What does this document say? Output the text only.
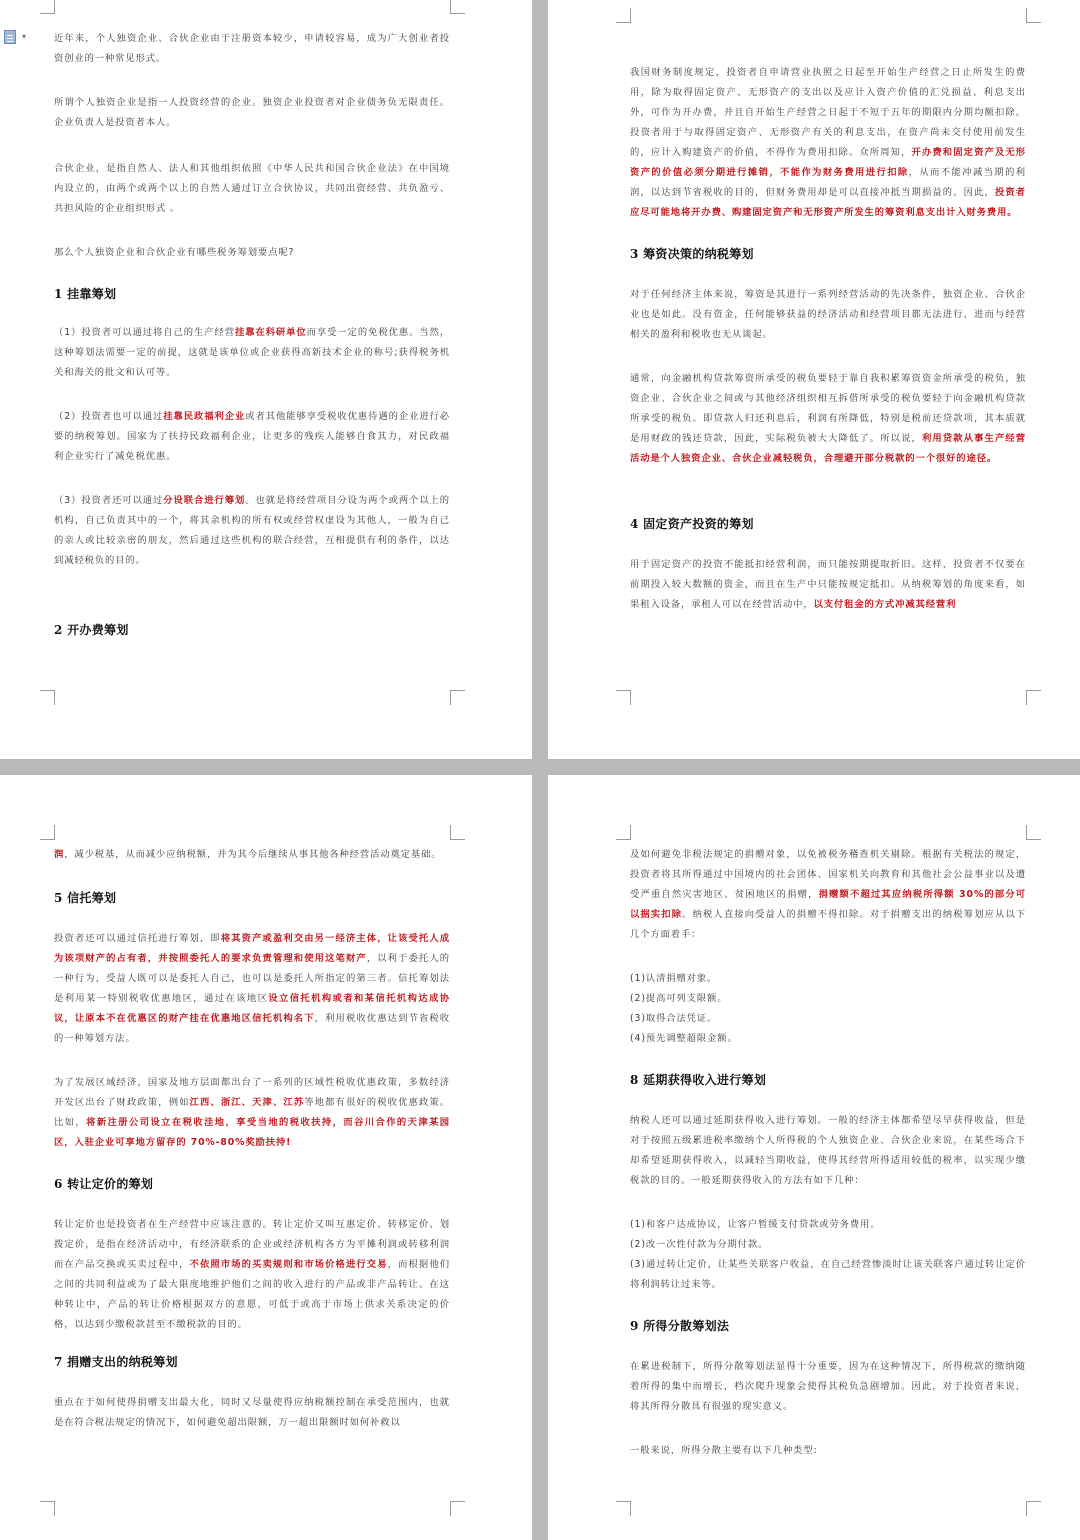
▾	近年来，个人独资企业、合伙企业由于注册资本较少，申请较容易，成为广大创业者投资创业的一种常见形式。

所谓个人独资企业是指一人投资经营的企业。独资企业投资者对企业债务负无限责任。企业负责人是投资者本人。

合伙企业，是指自然人、法人和其他组织依照《中华人民共和国合伙企业法》在中国境内设立的，由两个或两个以上的自然人通过订立合伙协议，共同出资经营、共负盈亏、共担风险的企业组织形式 。

那么个人独资企业和合伙企业有哪些税务筹划要点呢?

1 挂靠筹划

（1）投资者可以通过将自己的生产经营挂靠在科研单位而享受一定的免税优惠。当然，这种筹划法需要一定的前提，这就是该单位或企业获得高新技术企业的称号;获得税务机关和海关的批文和认可等。

（2）投资者也可以通过挂靠民政福利企业或者其他能够享受税收优惠待遇的企业进行必要的纳税筹划。国家为了扶持民政福利企业，让更多的残疾人能够自食其力，对民政福利企业实行了减免税优惠。

（3）投资者还可以通过分设联合进行筹划。也就是将经营项目分设为两个或两个以上的机构，自己负责其中的一个，将其余机构的所有权或经营权虚设为其他人，一般为自己的亲人或比较亲密的朋友，然后通过这些机构的联合经营，互相提供有利的条件，以达到减轻税负的目的。

2 开办费筹划

我国财务制度规定，投资者自申请营业执照之日起至开始生产经营之日止所发生的费用，除为取得固定资产、无形资产的支出以及应计入资产价值的汇兑损益、利息支出外，可作为开办费，并且自开始生产经营之日起于不短于五年的期限内分期均额扣除。投资者用于与取得固定资产、无形资产有关的利息支出，在资产尚未交付使用前发生的，应计入购建资产的价值，不得作为费用扣除。众所周知，开办费和固定资产及无形资产的价值必须分期进行摊销，不能作为财务费用进行扣除，从而不能冲减当期的利润，以达到节省税收的目的，但财务费用却是可以直接冲抵当期损益的。因此，投资者应尽可能地将开办费、购建固定资产和无形资产所发生的筹资利息支出计入财务费用。

3 筹资决策的纳税筹划

对于任何经济主体来说，筹资是其进行一系列经营活动的先决条件，独资企业、合伙企业也是如此。没有资金，任何能够获益的经济活动和经营项目都无法进行，进而与经营相关的盈利和税收也无从谈起。

通常，向金融机构贷款筹资所承受的税负要轻于靠自我积累筹资资金所承受的税负，独资企业、合伙企业之间或与其他经济组织相互拆借所承受的税负要轻于向金融机构贷款所承受的税负。即贷款人归还利息后，利润有所降低，特别是税前还贷款项，其本质就是用财政的钱还贷款，因此，实际税负被大大降低了。所以说，利用贷款从事生产经营活动是个人独资企业、合伙企业减轻税负，合理避开部分税款的一个很好的途径。

4 固定资产投资的筹划

用于固定资产的投资不能抵扣经营利润，而只能按期提取折旧。这样，投资者不仅要在前期投入较大数额的资金，而且在生产中只能按规定抵扣。从纳税筹划的角度来看，如果租入设备，承租人可以在经营活动中，以支付租金的方式冲减其经营利

润，减少税基，从而减少应纳税额，并为其今后继续从事其他各种经营活动奠定基础。

5 信托筹划

投资者还可以通过信托进行筹划，即将其资产或盈利交由另一经济主体，让该受托人成为该项财产的占有者，并按照委托人的要求负责管理和使用这笔财产，以利于委托人的一种行为，受益人既可以是委托人自己，也可以是委托人所指定的第三者。信托筹划法是利用某一特别税收优惠地区，通过在该地区设立信托机构或者和某信托机构达成协议，让原本不在优惠区的财产挂在优惠地区信托机构名下，利用税收优惠达到节省税收的一种筹划方法。

为了发展区域经济，国家及地方层面都出台了一系列的区域性税收优惠政策，多数经济开发区出台了财政政策，例如江西、浙江、天津、江苏等地都有很好的税收优惠政策。比如，将新注册公司设立在税收洼地，享受当地的税收扶持，而谷川合作的天津某园区，入驻企业可享地方留存的 70%-80%奖励扶持!

6 转让定价的筹划

转让定价也是投资者在生产经营中应该注意的。转让定价又叫互惠定价、转移定价、划拨定价，是指在经济活动中，有经济联系的企业或经济机构各方为平摊利润或转移利润而在产品交换或买卖过程中，不依照市场的买卖规则和市场价格进行交易，而根据他们之间的共同利益或为了最大限度地维护他们之间的收入进行的产品或非产品转让。在这种转让中，产品的转让价格根据双方的意愿，可低于或高于市场上供求关系决定的价格，以达到少缴税款甚至不缴税款的目的。

7 捐赠支出的纳税筹划

重点在于如何使得捐赠支出最大化，同时又尽量使得应纳税额控制在承受范围内，也就是在符合税法规定的情况下，如何避免超出限额，万一超出限额时如何补救以

及如何避免非税法规定的捐赠对象，以免被税务稽查机关剔除。根据有关税法的规定，投资者将其所得通过中国境内的社会团体、国家机关向教育和其他社会公益事业以及遭受严重自然灾害地区、贫困地区的捐赠，捐赠额不超过其应纳税所得额 30%的部分可以据实扣除。纳税人直接向受益人的捐赠不得扣除。对于捐赠支出的纳税筹划应从以下几个方面着手：

(1)认清捐赠对象。

(2)提高可列支限额。

(3)取得合法凭证。

(4)预先调整超限金额。

8 延期获得收入进行筹划

纳税人还可以通过延期获得收入进行筹划。一般的经济主体都希望尽早获得收益，但是对于按照五级累进税率缴纳个人所得税的个人独资企业、合伙企业来说，在某些场合下却希望延期获得收入，以减轻当期收益，使得其经营所得适用较低的税率，以实现少缴税款的目的。一般延期获得收入的方法有如下几种：

(1)和客户达成协议，让客户暂缓支付贷款或劳务费用。

(2)改一次性付款为分期付款。

(3)通过转让定价，让某些关联客户收益，在自己经营惨淡时让该关联客户通过转让定价将利润转让过来等。

9 所得分散筹划法

在累进税制下，所得分散筹划法显得十分重要，因为在这种情况下，所得税款的缴纳随着所得的集中而增长，档次爬升现象会使得其税负急剧增加。因此，对于投资者来说，将其所得分散具有很强的现实意义。

一般来说，所得分散主要有以下几种类型:
